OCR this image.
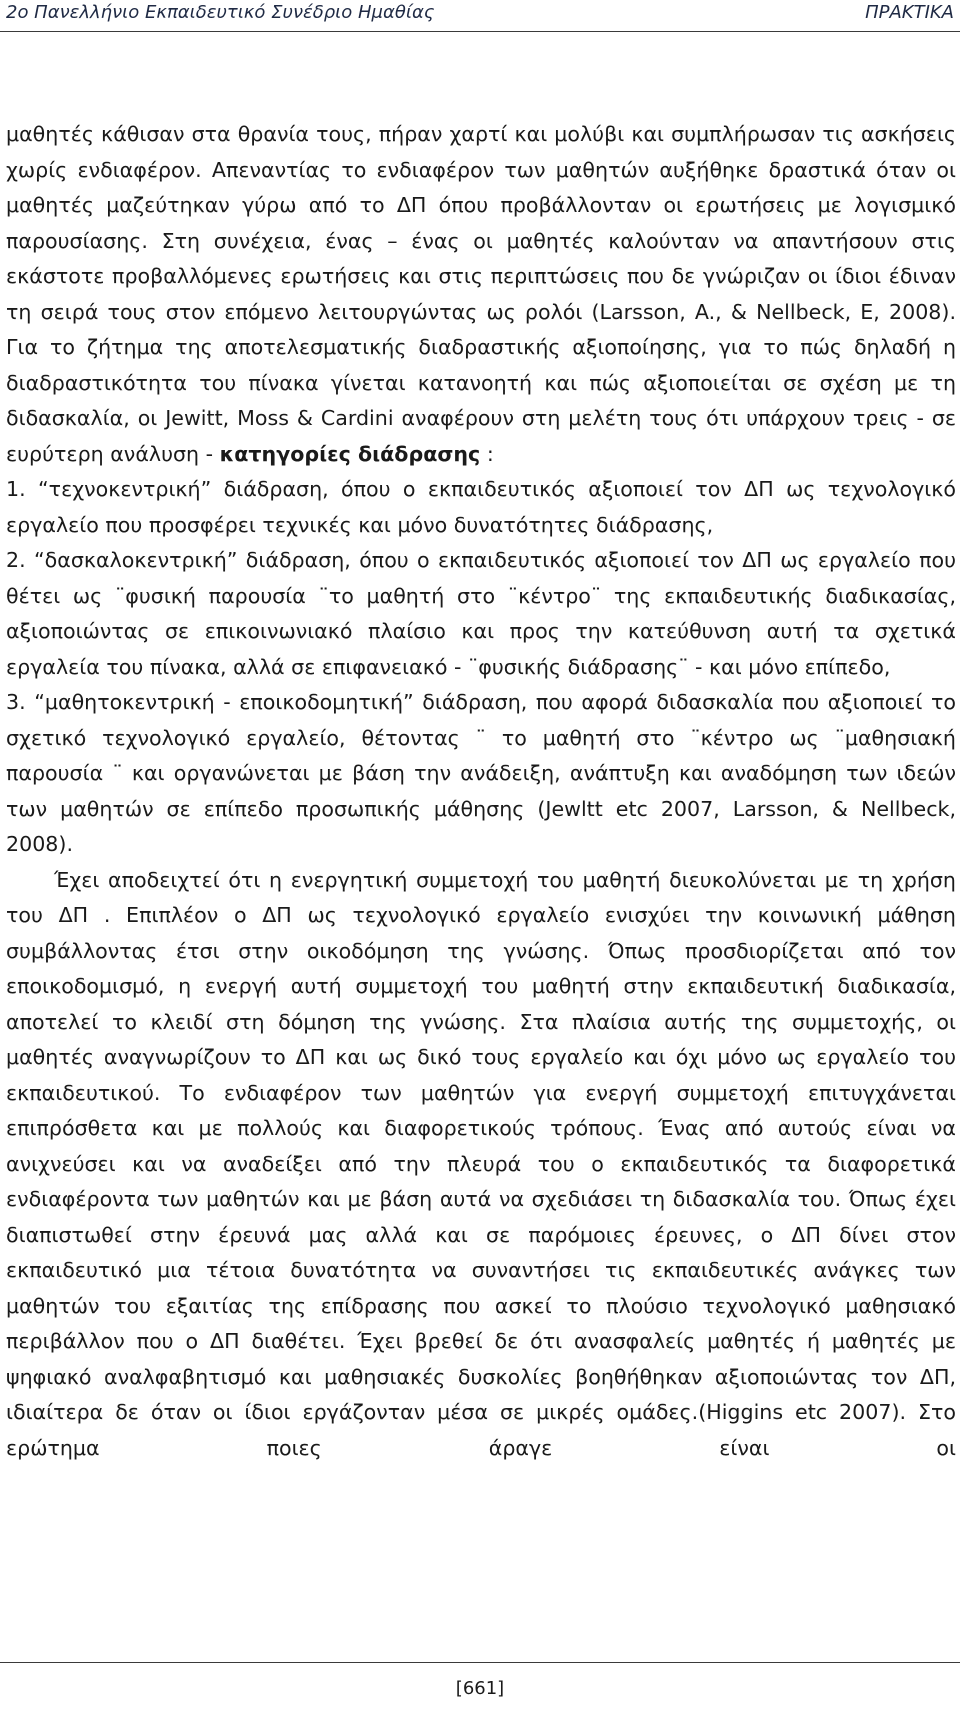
2ο Πανελλήνιο Εκπαιδευτικό Συνέδριο Ημαθίας	ΠΡΑΚΤΙΚΑ

μαθητές κάθισαν στα θρανία τους, πήραν χαρτί και μολύβι και συμπλήρωσαν τις ασκήσεις χωρίς ενδιαφέρον. Απεναντίας το ενδιαφέρον των μαθητών αυξήθηκε δραστικά όταν οι μαθητές μαζεύτηκαν γύρω από το ΔΠ όπου προβάλλονταν οι ερωτήσεις με λογισμικό παρουσίασης. Στη συνέχεια, ένας – ένας οι μαθητές καλούνταν να απαντήσουν στις εκάστοτε προβαλλόμενες ερωτήσεις και στις περιπτώσεις που δε γνώριζαν οι ίδιοι έδιναν τη σειρά τους στον επόμενο λειτουργώντας ως ρολόι (Larsson, A., & Nellbeck, E, 2008). Για το ζήτημα της αποτελεσματικής διαδραστικής αξιοποίησης, για το πώς δηλαδή η διαδραστικότητα του πίνακα γίνεται κατανοητή και πώς αξιοποιείται σε σχέση με τη διδασκαλία, οι Jewitt, Moss & Cardini αναφέρουν στη μελέτη τους ότι υπάρχουν τρεις - σε ευρύτερη ανάλυση - κατηγορίες διάδρασης :

1. “τεχνοκεντρική” διάδραση, όπου ο εκπαιδευτικός αξιοποιεί τον ΔΠ ως τεχνολογικό εργαλείο που προσφέρει τεχνικές και μόνο δυνατότητες διάδρασης,

2. “δασκαλοκεντρική” διάδραση, όπου ο εκπαιδευτικός αξιοποιεί τον ΔΠ ως εργαλείο που θέτει ως ¨φυσική παρουσία ¨το μαθητή στο ¨κέντρο¨ της εκπαιδευτικής διαδικασίας, αξιοποιώντας σε επικοινωνιακό πλαίσιο και προς την κατεύθυνση αυτή τα σχετικά εργαλεία του πίνακα, αλλά σε επιφανειακό - ¨φυσικής διάδρασης¨ - και μόνο επίπεδο,

3. “μαθητοκεντρική - εποικοδομητική” διάδραση, που αφορά διδασκαλία που αξιοποιεί το σχετικό τεχνολογικό εργαλείο, θέτοντας ¨ το μαθητή στο ¨κέντρο ως ¨μαθησιακή παρουσία ¨ και οργανώνεται με βάση την ανάδειξη, ανάπτυξη και αναδόμηση των ιδεών των μαθητών σε επίπεδο προσωπικής μάθησης (Jewltt etc 2007, Larsson, & Nellbeck, 2008).

Έχει αποδειχτεί ότι η ενεργητική συμμετοχή του μαθητή διευκολύνεται με τη χρήση του ΔΠ . Επιπλέον ο ΔΠ ως τεχνολογικό εργαλείο ενισχύει την κοινωνική μάθηση συμβάλλοντας έτσι στην οικοδόμηση της γνώσης. Όπως προσδιορίζεται από τον εποικοδομισμό, η ενεργή αυτή συμμετοχή του μαθητή στην εκπαιδευτική διαδικασία, αποτελεί το κλειδί στη δόμηση της γνώσης. Στα πλαίσια αυτής της συμμετοχής, οι μαθητές αναγνωρίζουν το ΔΠ και ως δικό τους εργαλείο και όχι μόνο ως εργαλείο του εκπαιδευτικού. Το ενδιαφέρον των μαθητών για ενεργή συμμετοχή επιτυγχάνεται επιπρόσθετα και με πολλούς και διαφορετικούς τρόπους. Ένας από αυτούς είναι να ανιχνεύσει και να αναδείξει από την πλευρά του ο εκπαιδευτικός τα διαφορετικά ενδιαφέροντα των μαθητών και με βάση αυτά να σχεδιάσει τη διδασκαλία του. Όπως έχει διαπιστωθεί στην έρευνά μας αλλά και σε παρόμοιες έρευνες, ο ΔΠ δίνει στον εκπαιδευτικό μια τέτοια δυνατότητα να συναντήσει τις εκπαιδευτικές ανάγκες των μαθητών του εξαιτίας της επίδρασης που ασκεί το πλούσιο τεχνολογικό μαθησιακό περιβάλλον που ο ΔΠ διαθέτει. Έχει βρεθεί δε ότι ανασφαλείς μαθητές ή μαθητές με ψηφιακό αναλφαβητισμό και μαθησιακές δυσκολίες βοηθήθηκαν αξιοποιώντας τον ΔΠ, ιδιαίτερα δε όταν οι ίδιοι εργάζονταν μέσα σε μικρές ομάδες.(Higgins etc 2007). Στο ερώτημα ποιες άραγε είναι οι

[661]
